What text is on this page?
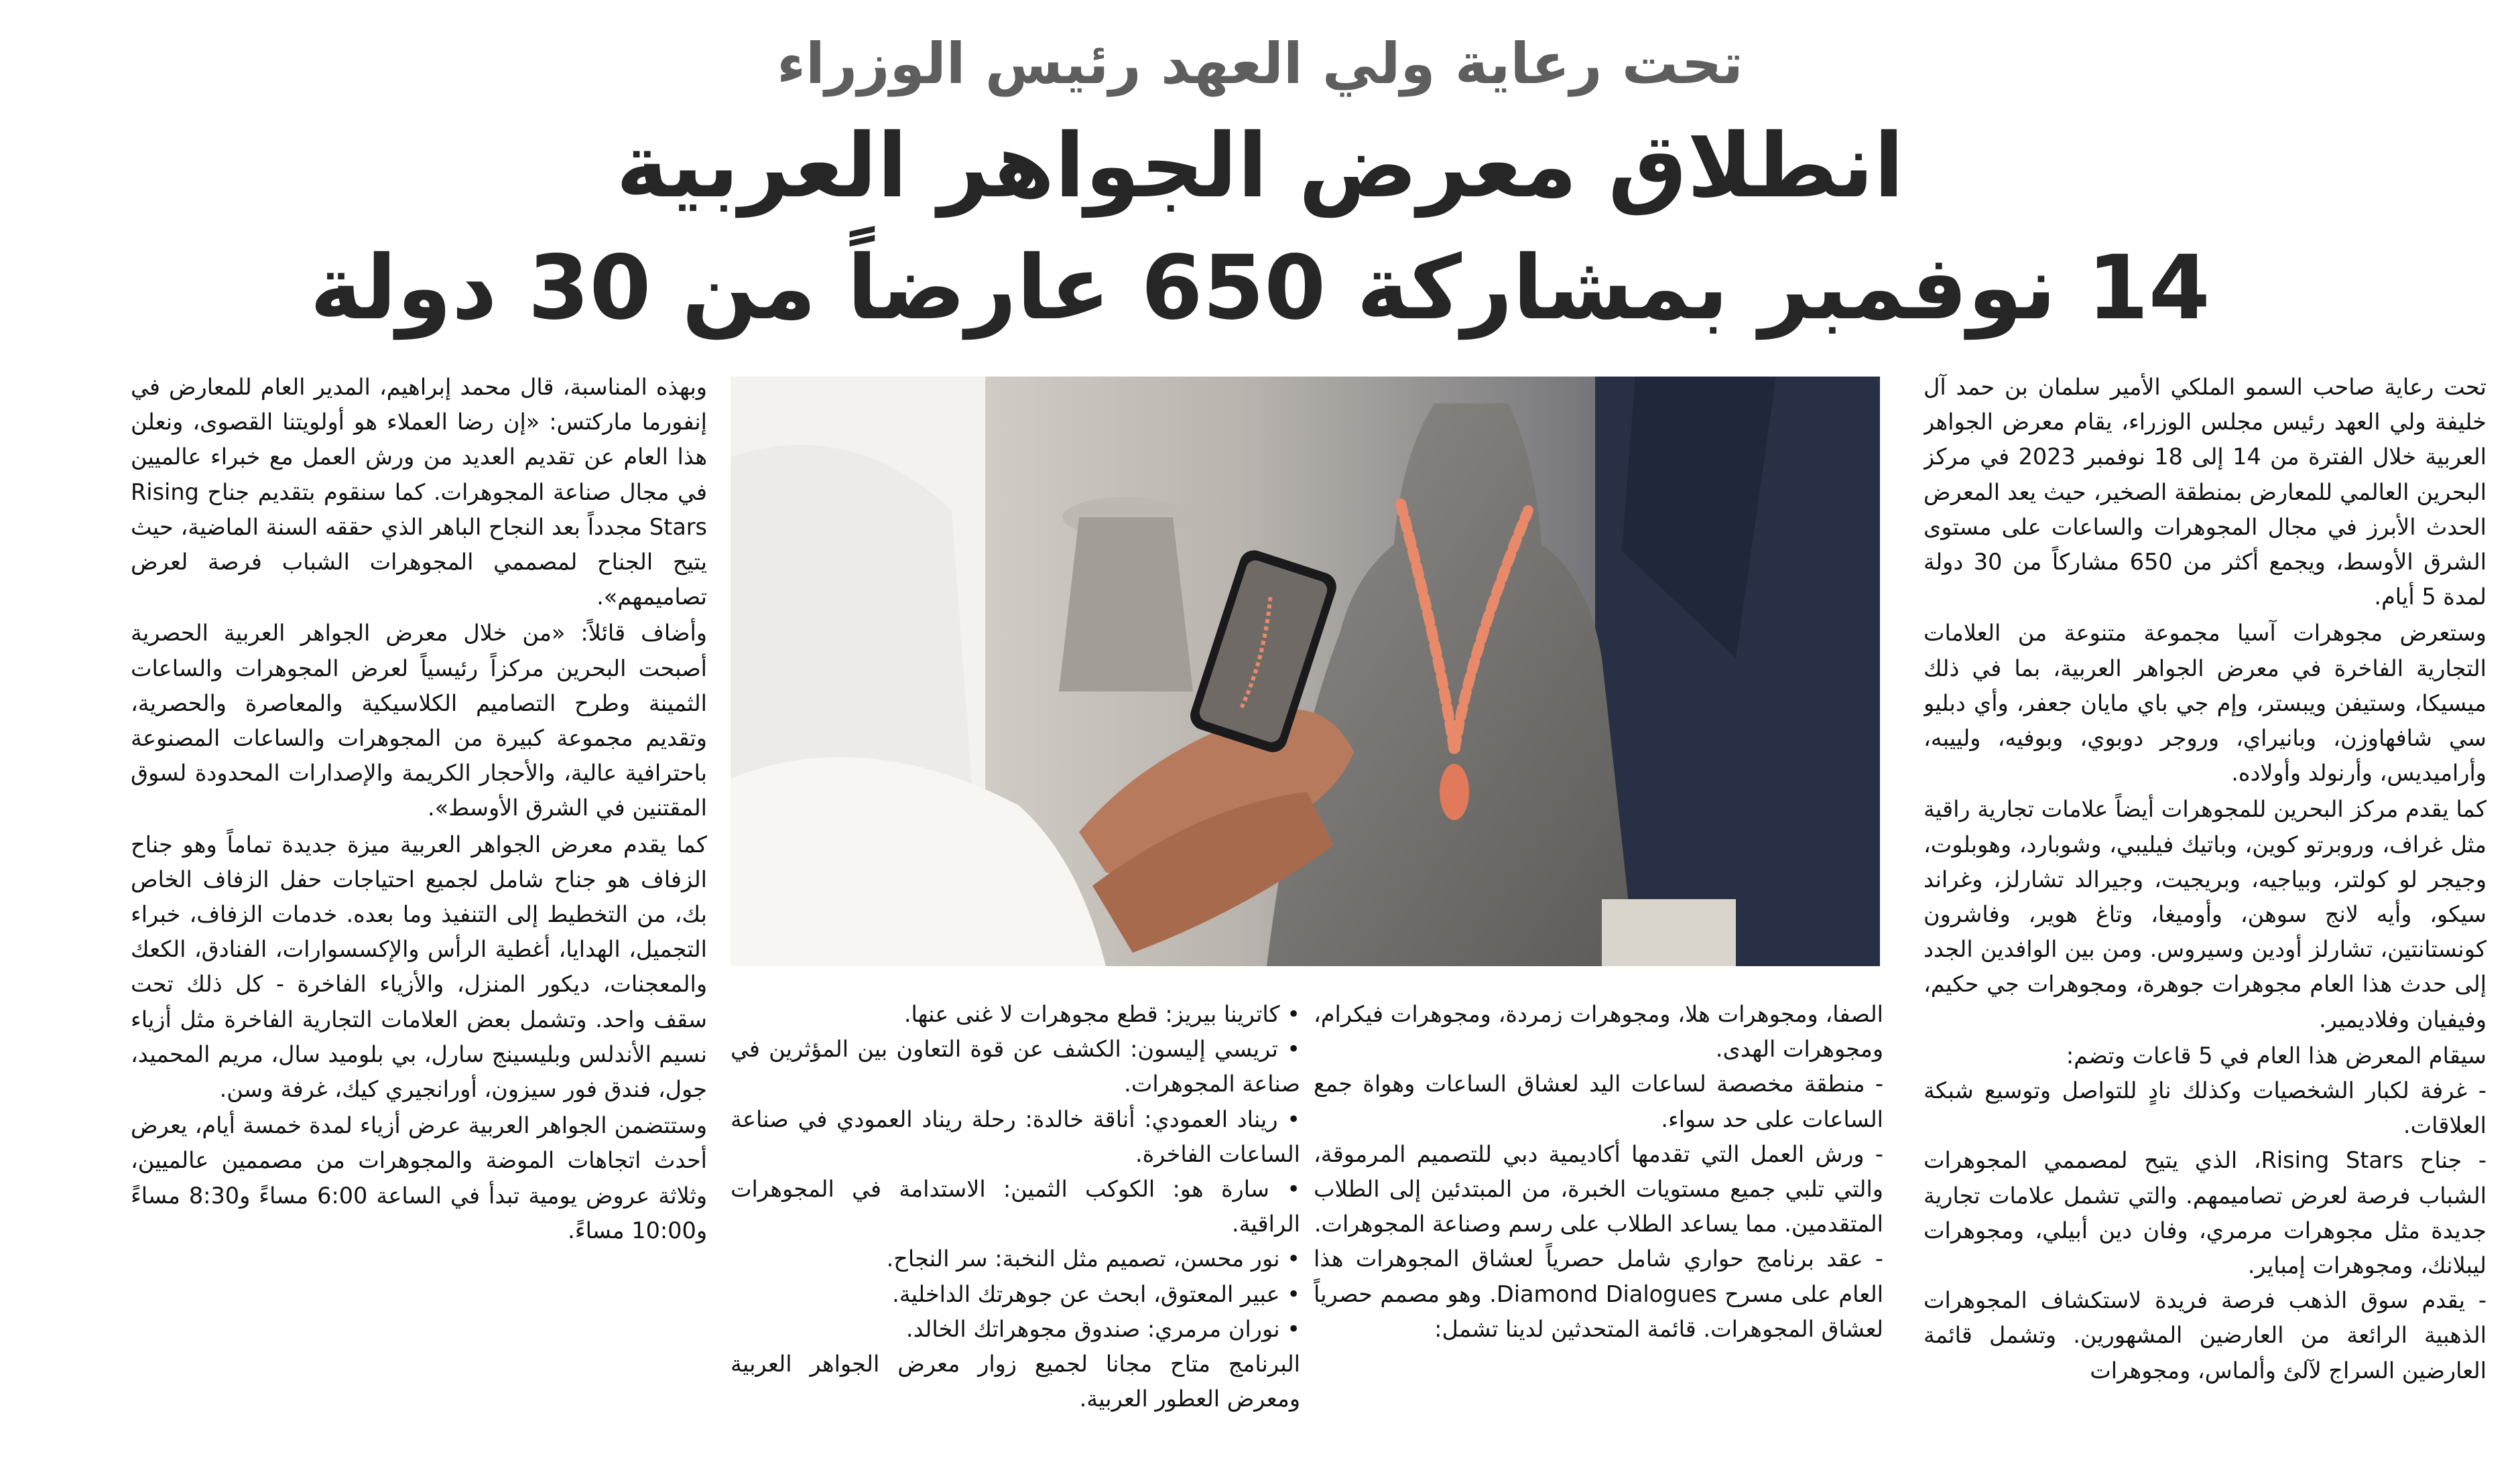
تحت رعاية ولي العهد رئيس الوزراء
انطلاق معرض الجواهر العربية
14 نوفمبر بمشاركة 650 عارضاً من 30 دولة

تحت رعاية صاحب السمو الملكي الأمير سلمان بن حمد آل خليفة ولي العهد رئيس مجلس الوزراء، يقام معرض الجواهر العربية خلال الفترة من 14 إلى 18 نوفمبر 2023 في مركز البحرين العالمي للمعارض بمنطقة الصخير، حيث يعد المعرض الحدث الأبرز في مجال المجوهرات والساعات على مستوى الشرق الأوسط، ويجمع أكثر من 650 مشاركاً من 30 دولة لمدة 5 أيام.

وستعرض مجوهرات آسيا مجموعة متنوعة من العلامات التجارية الفاخرة في معرض الجواهر العربية، بما في ذلك ميسيكا، وستيفن ويبستر، وإم جي باي مايان جعفر، وأي دبليو سي شافهاوزن، وبانيراي، وروجر دوبوي، وبوفيه، ولييبه، وأراميديس، وأرنولد وأولاده.

كما يقدم مركز البحرين للمجوهرات أيضاً علامات تجارية راقية مثل غراف، وروبرتو كوين، وباتيك فيليبي، وشوبارد، وهوبلوت، وجيجر لو كولتر، وبياجيه، وبريجيت، وجيرالد تشارلز، وغراند سيكو، وأيه لانج سوهن، وأوميغا، وتاغ هوير، وفاشرون كونستانتين، تشارلز أودين وسيروس. ومن بين الوافدين الجدد إلى حدث هذا العام مجوهرات جوهرة، ومجوهرات جي حكيم، وفيفيان وفلاديمير.

سيقام المعرض هذا العام في 5 قاعات وتضم:

- غرفة لكبار الشخصيات وكذلك نادٍ للتواصل وتوسيع شبكة العلاقات.

- جناح Rising Stars، الذي يتيح لمصممي المجوهرات الشباب فرصة لعرض تصاميمهم. والتي تشمل علامات تجارية جديدة مثل مجوهرات مرمري، وفان دين أبيلي، ومجوهرات ليبلانك، ومجوهرات إمباير.

- يقدم سوق الذهب فرصة فريدة لاستكشاف المجوهرات الذهبية الرائعة من العارضين المشهورين. وتشمل قائمة العارضين السراج لآلئ وألماس، ومجوهرات

الصفا، ومجوهرات هلا، ومجوهرات زمردة، ومجوهرات فيكرام، ومجوهرات الهدى.

- منطقة مخصصة لساعات اليد لعشاق الساعات وهواة جمع الساعات على حد سواء.

- ورش العمل التي تقدمها أكاديمية دبي للتصميم المرموقة، والتي تلبي جميع مستويات الخبرة، من المبتدئين إلى الطلاب المتقدمين. مما يساعد الطلاب على رسم وصناعة المجوهرات.

- عقد برنامج حواري شامل حصرياً لعشاق المجوهرات هذا العام على مسرح Diamond Dialogues. وهو مصمم حصرياً لعشاق المجوهرات. قائمة المتحدثين لدينا تشمل:

• كاترينا بيريز: قطع مجوهرات لا غنى عنها.

• تريسي إليسون: الكشف عن قوة التعاون بين المؤثرين في صناعة المجوهرات.

• ريناد العمودي: أناقة خالدة: رحلة ريناد العمودي في صناعة الساعات الفاخرة.

• سارة هو: الكوكب الثمين: الاستدامة في المجوهرات الراقية.

• نور محسن، تصميم مثل النخبة: سر النجاح.

• عبير المعتوق، ابحث عن جوهرتك الداخلية.

• نوران مرمري: صندوق مجوهراتك الخالد.

البرنامج متاح مجانا لجميع زوار معرض الجواهر العربية ومعرض العطور العربية.

وبهذه المناسبة، قال محمد إبراهيم، المدير العام للمعارض في إنفورما ماركتس: «إن رضا العملاء هو أولويتنا القصوى، ونعلن هذا العام عن تقديم العديد من ورش العمل مع خبراء عالميين في مجال صناعة المجوهرات. كما سنقوم بتقديم جناح Rising Stars مجدداً بعد النجاح الباهر الذي حققه السنة الماضية، حيث يتيح الجناح لمصممي المجوهرات الشباب فرصة لعرض تصاميمهم».

وأضاف قائلاً: «من خلال معرض الجواهر العربية الحصرية أصبحت البحرين مركزاً رئيسياً لعرض المجوهرات والساعات الثمينة وطرح التصاميم الكلاسيكية والمعاصرة والحصرية، وتقديم مجموعة كبيرة من المجوهرات والساعات المصنوعة باحترافية عالية، والأحجار الكريمة والإصدارات المحدودة لسوق المقتنين في الشرق الأوسط».

كما يقدم معرض الجواهر العربية ميزة جديدة تماماً وهو جناح الزفاف هو جناح شامل لجميع احتياجات حفل الزفاف الخاص بك، من التخطيط إلى التنفيذ وما بعده. خدمات الزفاف، خبراء التجميل، الهدايا، أغطية الرأس والإكسسوارات، الفنادق، الكعك والمعجنات، ديكور المنزل، والأزياء الفاخرة - كل ذلك تحت سقف واحد. وتشمل بعض العلامات التجارية الفاخرة مثل أزياء نسيم الأندلس وبليسينج سارل، بي بلوميد سال، مريم المحميد، جول، فندق فور سيزون، أورانجيري كيك، غرفة وسن.

وستتضمن الجواهر العربية عرض أزياء لمدة خمسة أيام، يعرض أحدث اتجاهات الموضة والمجوهرات من مصممين عالميين، وثلاثة عروض يومية تبدأ في الساعة 6:00 مساءً و8:30 مساءً و10:00 مساءً.
